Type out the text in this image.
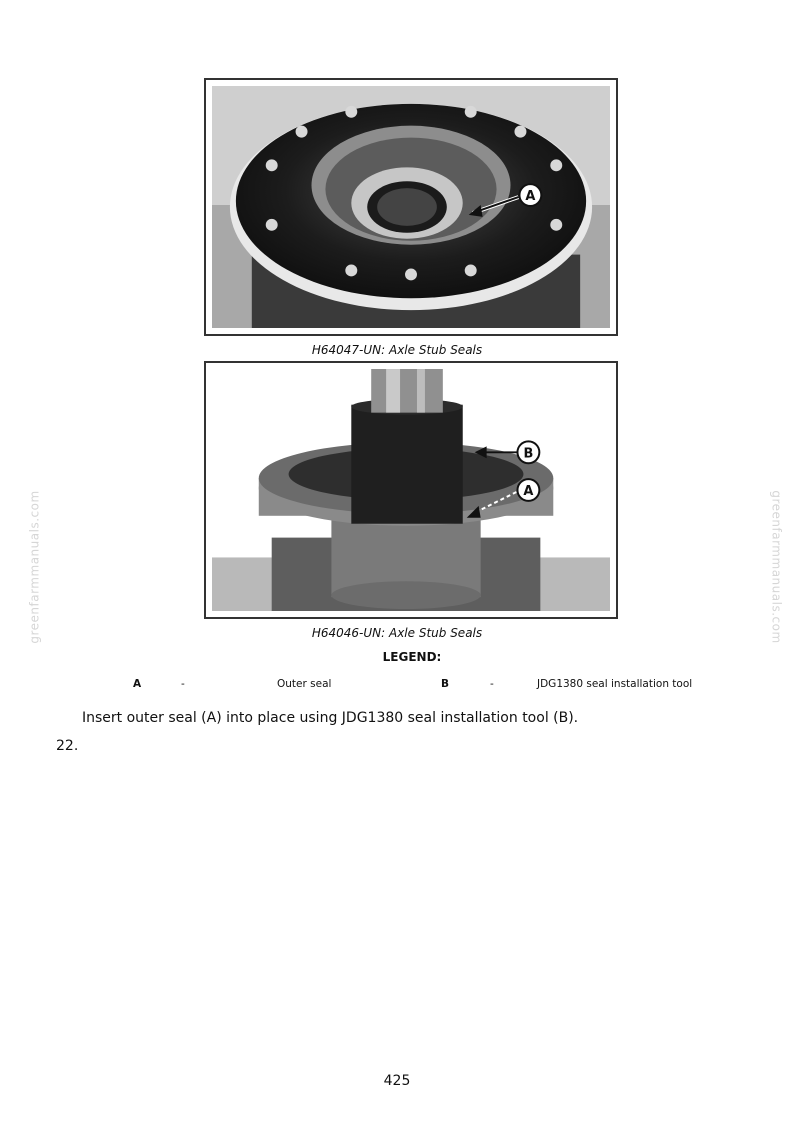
greenfarmmanuals.com	greenfarmmanuals.com
A
H64047-UN: Axle Stub Seals
B
A
H64046-UN: Axle Stub Seals
LEGEND:
A	-	Outer seal	B	-	JDG1380 seal installation tool
Insert outer seal (A) into place using JDG1380 seal installation tool (B).
22.
425
